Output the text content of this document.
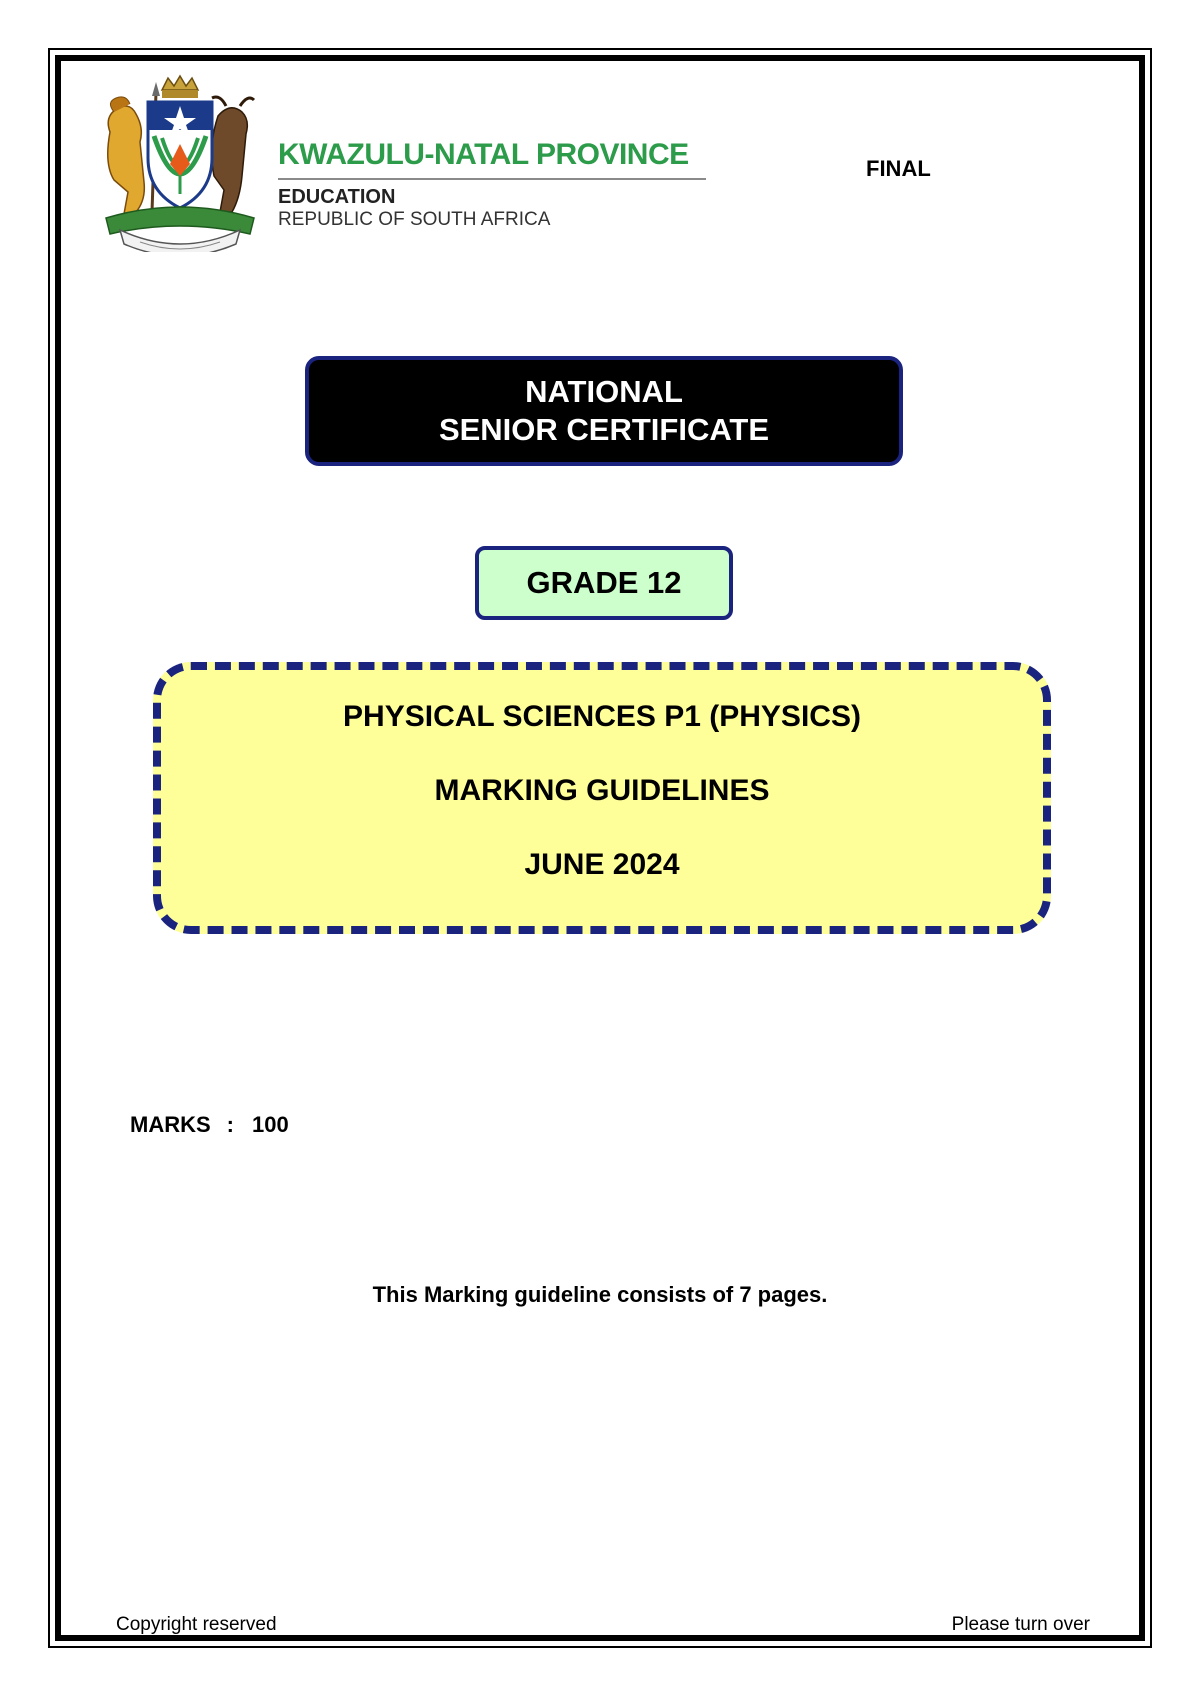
KWAZULU-NATAL PROVINCE
EDUCATION
REPUBLIC OF SOUTH AFRICA
FINAL
NATIONAL
SENIOR CERTIFICATE
GRADE 12
PHYSICAL SCIENCES P1 (PHYSICS)
MARKING GUIDELINES
JUNE 2024
MARKS : 100
This Marking guideline consists of 7 pages.
Copyright reserved	Please turn over
